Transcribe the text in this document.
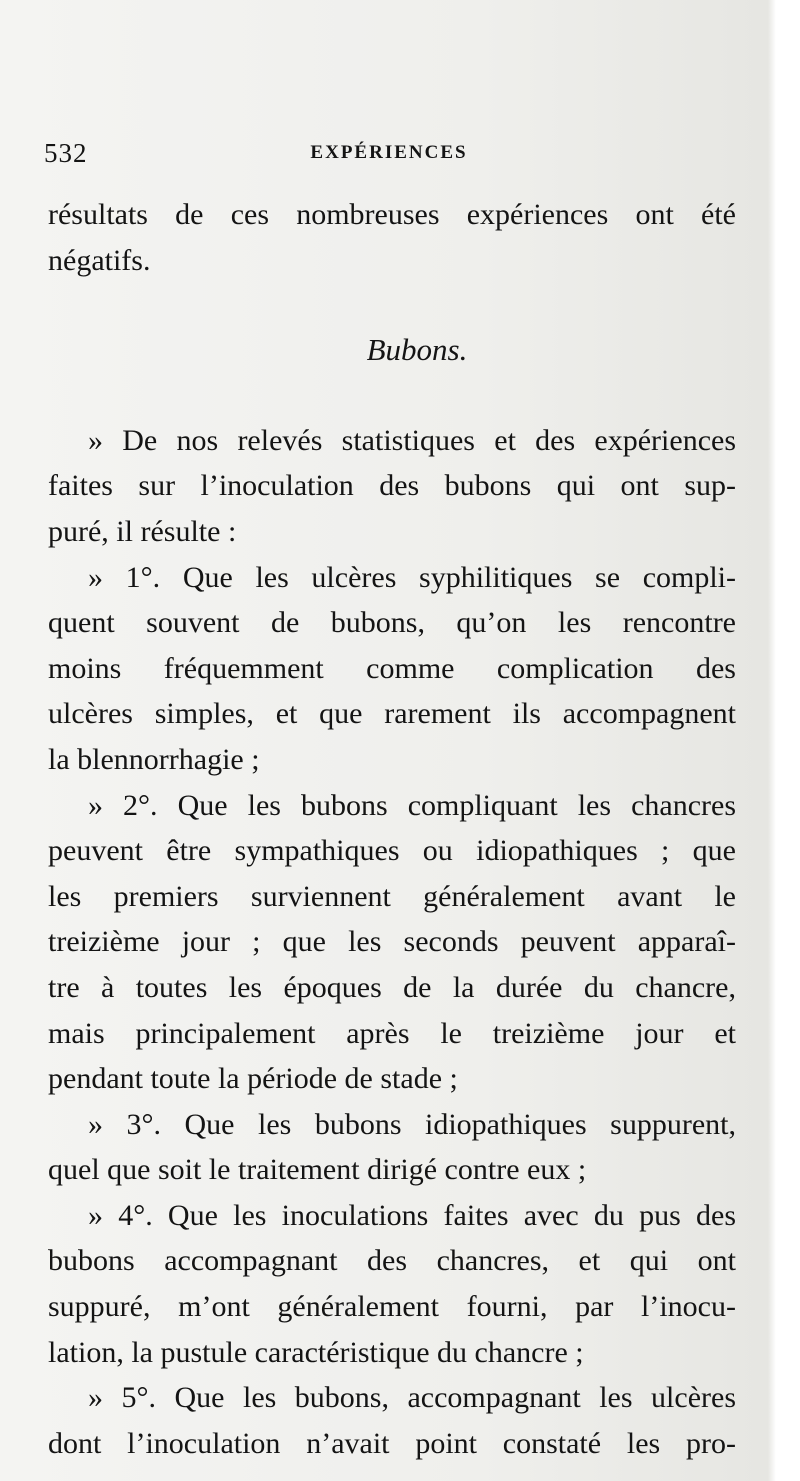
532	EXPÉRIENCES
résultats de ces nombreuses expériences ont été
négatifs.
Bubons.
» De nos relevés statistiques et des expériences
faites sur l’inoculation des bubons qui ont sup-
puré, il résulte :
» 1°. Que les ulcères syphilitiques se compli-
quent souvent de bubons, qu’on les rencontre
moins fréquemment comme complication des
ulcères simples, et que rarement ils accompagnent
la blennorrhagie ;
» 2°. Que les bubons compliquant les chancres
peuvent être sympathiques ou idiopathiques ; que
les premiers surviennent généralement avant le
treizième jour ; que les seconds peuvent apparaî-
tre à toutes les époques de la durée du chancre,
mais principalement après le treizième jour et
pendant toute la période de stade ;
» 3°. Que les bubons idiopathiques suppurent,
quel que soit le traitement dirigé contre eux ;
» 4°. Que les inoculations faites avec du pus des
bubons accompagnant des chancres, et qui ont
suppuré, m’ont généralement fourni, par l’inocu-
lation, la pustule caractéristique du chancre ;
» 5°. Que les bubons, accompagnant les ulcères
dont l’inoculation n’avait point constaté les pro-
